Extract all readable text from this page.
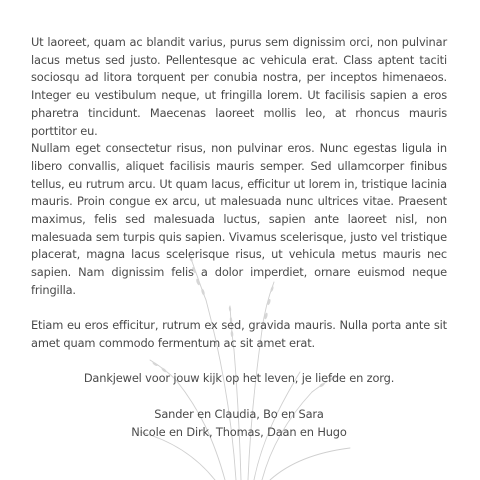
Ut laoreet, quam ac blandit varius, purus sem dignissim orci, non pulvinar lacus metus sed justo. Pellentesque ac vehicula erat. Class aptent taciti sociosqu ad litora torquent per conubia nostra, per inceptos himenaeos. Integer eu vestibulum neque, ut fringilla lorem. Ut facilisis sapien a eros pharetra tincidunt. Maecenas laoreet mollis leo, at rhoncus mauris porttitor eu.

Nullam eget consectetur risus, non pulvinar eros. Nunc egestas ligula in libero convallis, aliquet facilisis mauris semper. Sed ullamcorper finibus tellus, eu rutrum arcu. Ut quam lacus, efficitur ut lorem in, tristique lacinia mauris. Proin congue ex arcu, ut malesuada nunc ultrices vitae. Praesent maximus, felis sed malesuada luctus, sapien ante laoreet nisl, non malesuada sem turpis quis sapien. Vivamus scelerisque, justo vel tristique placerat, magna lacus scelerisque risus, ut vehicula metus mauris nec sapien. Nam dignissim felis a dolor imperdiet, ornare euismod neque fringilla.

Etiam eu eros efficitur, rutrum ex sed, gravida mauris. Nulla porta ante sit amet quam commodo fermentum ac sit amet erat.

Dankjewel voor jouw kijk op het leven, je liefde en zorg.

Sander en Claudia, Bo en Sara

Nicole en Dirk, Thomas, Daan en Hugo
